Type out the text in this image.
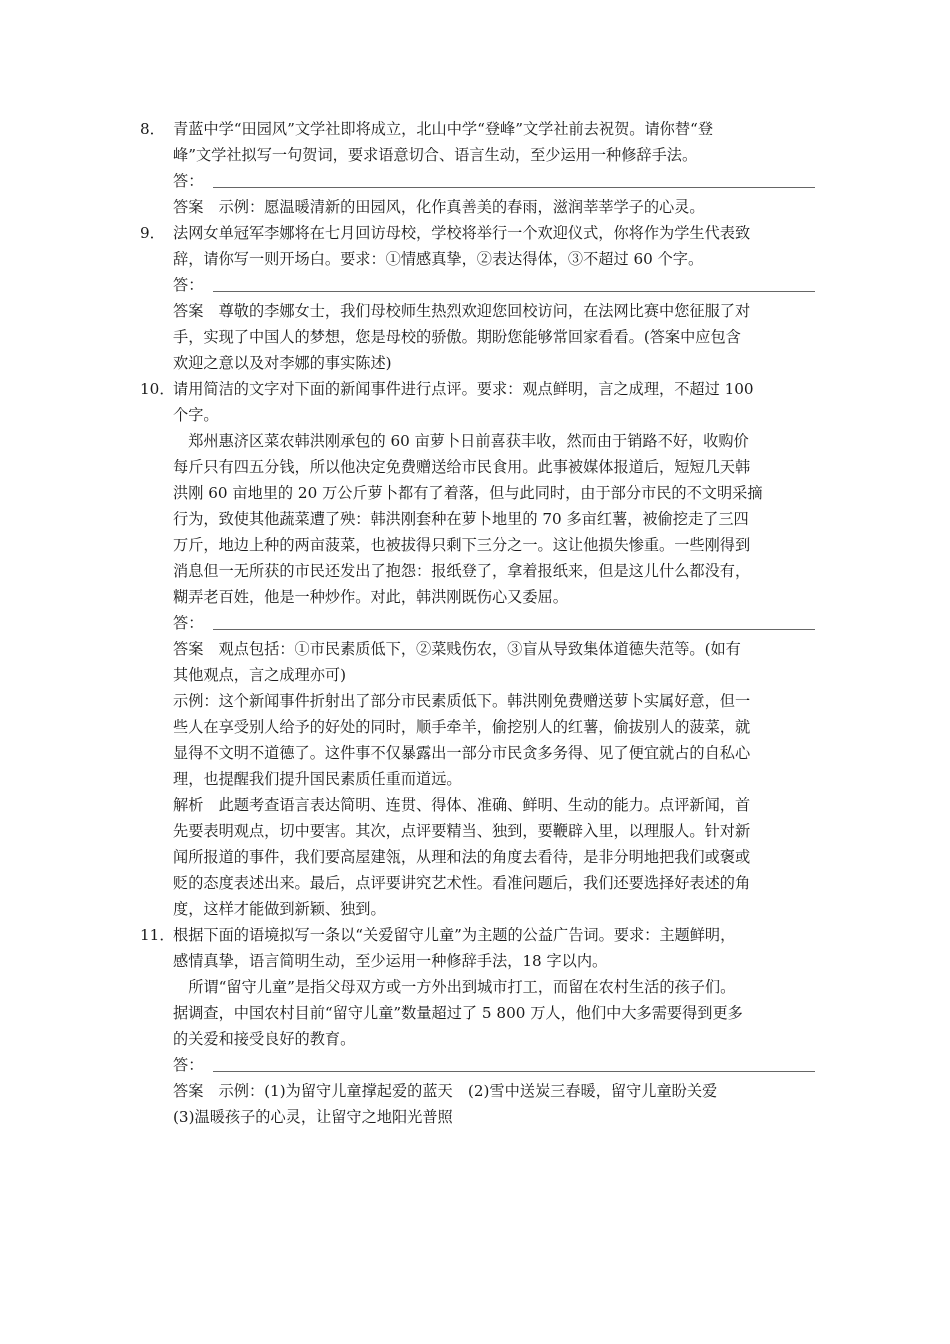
8． 青蓝中学“田园风”文学社即将成立，北山中学“登峰”文学社前去祝贺。请你替“登
峰”文学社拟写一句贺词，要求语意切合、语言生动，至少运用一种修辞手法。
答：
答案　示例：愿温暖清新的田园风，化作真善美的春雨，滋润莘莘学子的心灵。
9． 法网女单冠军李娜将在七月回访母校，学校将举行一个欢迎仪式，你将作为学生代表致
辞，请你写一则开场白。要求：①情感真挚，②表达得体，③不超过 60 个字。
答：
答案　尊敬的李娜女士，我们母校师生热烈欢迎您回校访问，在法网比赛中您征服了对
手，实现了中国人的梦想，您是母校的骄傲。期盼您能够常回家看看。(答案中应包含
欢迎之意以及对李娜的事实陈述)
10．
请用简洁的文字对下面的新闻事件进行点评。要求：观点鲜明，言之成理，不超过 100
个字。
　郑州惠济区菜农韩洪刚承包的 60 亩萝卜日前喜获丰收，然而由于销路不好，收购价
每斤只有四五分钱，所以他决定免费赠送给市民食用。此事被媒体报道后，短短几天韩
洪刚 60 亩地里的 20 万公斤萝卜都有了着落，但与此同时，由于部分市民的不文明采摘
行为，致使其他蔬菜遭了殃：韩洪刚套种在萝卜地里的 70 多亩红薯，被偷挖走了三四
万斤，地边上种的两亩菠菜，也被拔得只剩下三分之一。这让他损失惨重。一些刚得到
消息但一无所获的市民还发出了抱怨：报纸登了，拿着报纸来，但是这儿什么都没有，
糊弄老百姓，他是一种炒作。对此，韩洪刚既伤心又委屈。
答：
答案　观点包括：①市民素质低下，②菜贱伤农，③盲从导致集体道德失范等。(如有
其他观点，言之成理亦可)
示例：这个新闻事件折射出了部分市民素质低下。韩洪刚免费赠送萝卜实属好意，但一
些人在享受别人给予的好处的同时，顺手牵羊，偷挖别人的红薯，偷拔别人的菠菜，就
显得不文明不道德了。这件事不仅暴露出一部分市民贪多务得、见了便宜就占的自私心
理，也提醒我们提升国民素质任重而道远。
解析　此题考查语言表达简明、连贯、得体、准确、鲜明、生动的能力。点评新闻，首
先要表明观点，切中要害。其次，点评要精当、独到，要鞭辟入里，以理服人。针对新
闻所报道的事件，我们要高屋建瓴，从理和法的角度去看待，是非分明地把我们或褒或
贬的态度表述出来。最后，点评要讲究艺术性。看准问题后，我们还要选择好表述的角
度，这样才能做到新颖、独到。
11．
根据下面的语境拟写一条以“关爱留守儿童”为主题的公益广告词。要求：主题鲜明，
感情真挚，语言简明生动，至少运用一种修辞手法，18 字以内。
　所谓“留守儿童”是指父母双方或一方外出到城市打工，而留在农村生活的孩子们。
据调查，中国农村目前“留守儿童”数量超过了 5 800 万人，他们中大多需要得到更多
的关爱和接受良好的教育。
答：
答案　示例：(1)为留守儿童撑起爱的蓝天　(2)雪中送炭三春暖，留守儿童盼关爱
(3)温暖孩子的心灵，让留守之地阳光普照
